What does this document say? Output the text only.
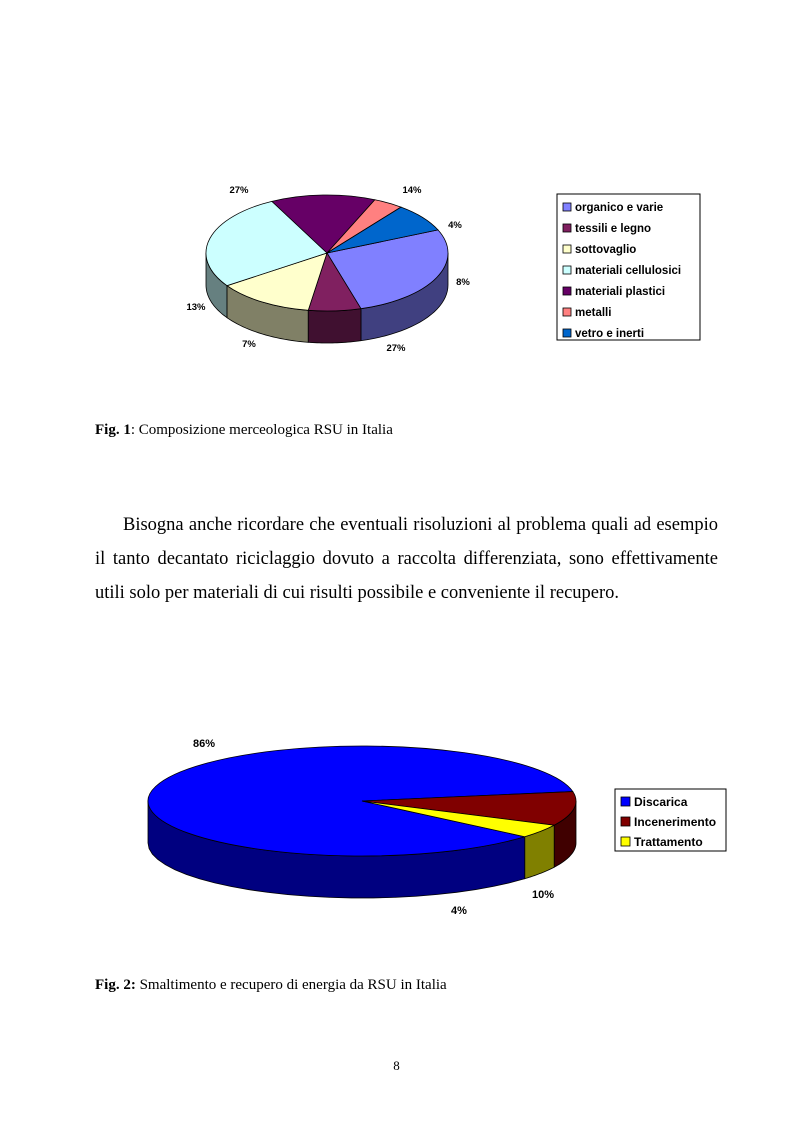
27%
7%
13%
27%	14%
4%
8%
organico e varie
tessili e legno
sottovaglio
materiali cellulosici
materiali plastici
metalli
vetro e inerti
Fig. 1: Composizione merceologica RSU in Italia
Bisogna anche ricordare che eventuali risoluzioni al problema quali ad esempio il tanto decantato riciclaggio dovuto a raccolta differenziata, sono effettivamente utili solo per materiali di cui risulti possibile e conveniente il recupero.
86%
10%
4%
Discarica
Incenerimento
Trattamento
Fig. 2: Smaltimento e recupero di energia da RSU in Italia
8
